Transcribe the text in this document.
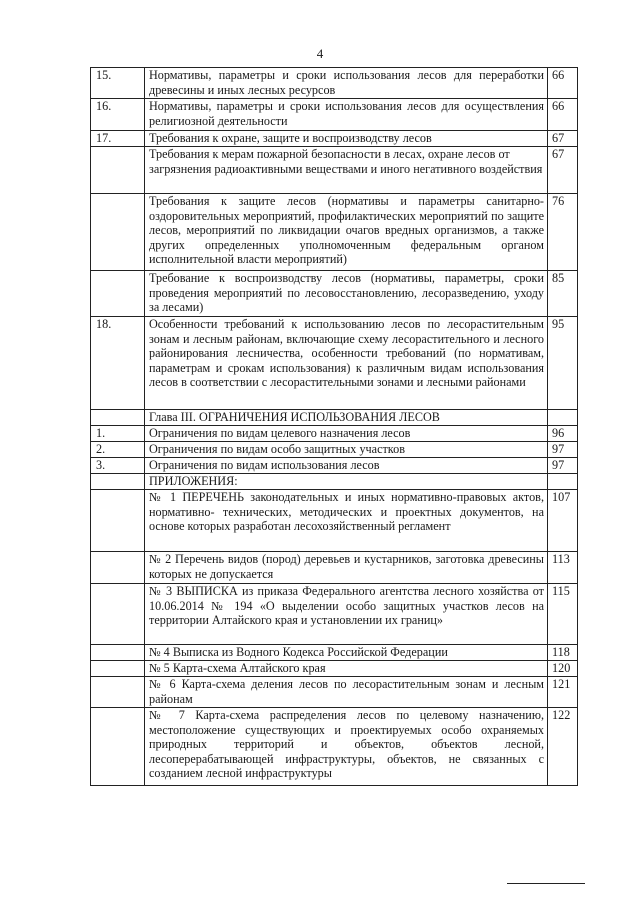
4
15.	Нормативы, параметры и сроки использования лесов для переработки древесины и иных лесных ресурсов	66
16.	Нормативы, параметры и сроки использования лесов для осуществления религиозной деятельности	66
17.	Требования к охране, защите и воспроизводству лесов	67
	Требования к мерам пожарной безопасности в лесах, охране лесов от загрязнения радиоактивными веществами и иного негативного воздействия	67
	Требования к защите лесов (нормативы и параметры санитарно-оздоровительных мероприятий, профилактических мероприятий по защите лесов, мероприятий по ликвидации очагов вредных организмов, а также других определенных уполномоченным федеральным органом исполнительной власти мероприятий)	76
	Требование к воспроизводству лесов (нормативы, параметры, сроки проведения мероприятий по лесовосстановлению, лесоразведению, уходу за лесами)	85
18.	Особенности требований к использованию лесов по лесорастительным зонам и лесным районам, включающие схему лесорастительного и лесного районирования лесничества, особенности требований (по нормативам, параметрам и срокам использования) к различным видам использования лесов в соответствии с лесорастительными зонами и лесными районами	95
	Глава III. ОГРАНИЧЕНИЯ ИСПОЛЬЗОВАНИЯ ЛЕСОВ	
1.	Ограничения по видам целевого назначения лесов	96
2.	Ограничения по видам особо защитных участков	97
3.	Ограничения по видам использования лесов	97
	ПРИЛОЖЕНИЯ:	
	№ 1 ПЕРЕЧЕНЬ законодательных и иных нормативно-правовых актов, нормативно- технических, методических и проектных документов, на основе которых разработан лесохозяйственный регламент	107
	№ 2 Перечень видов (пород) деревьев и кустарников, заготовка древесины которых не допускается	113
	№ 3 ВЫПИСКА из приказа Федерального агентства лесного хозяйства от 10.06.2014 № 194 «О выделении особо защитных участков лесов на территории Алтайского края и установлении их границ»	115
	№ 4 Выписка из Водного Кодекса Российской Федерации	118
	№ 5 Карта-схема Алтайского края	120
	№ 6 Карта-схема деления лесов по лесорастительным зонам и лесным районам	121
	№ 7 Карта-схема распределения лесов по целевому назначению, местоположение существующих и проектируемых особо охраняемых природных территорий и объектов, объектов лесной, лесоперерабатывающей инфраструктуры, объектов, не связанных с созданием лесной инфраструктуры	122
